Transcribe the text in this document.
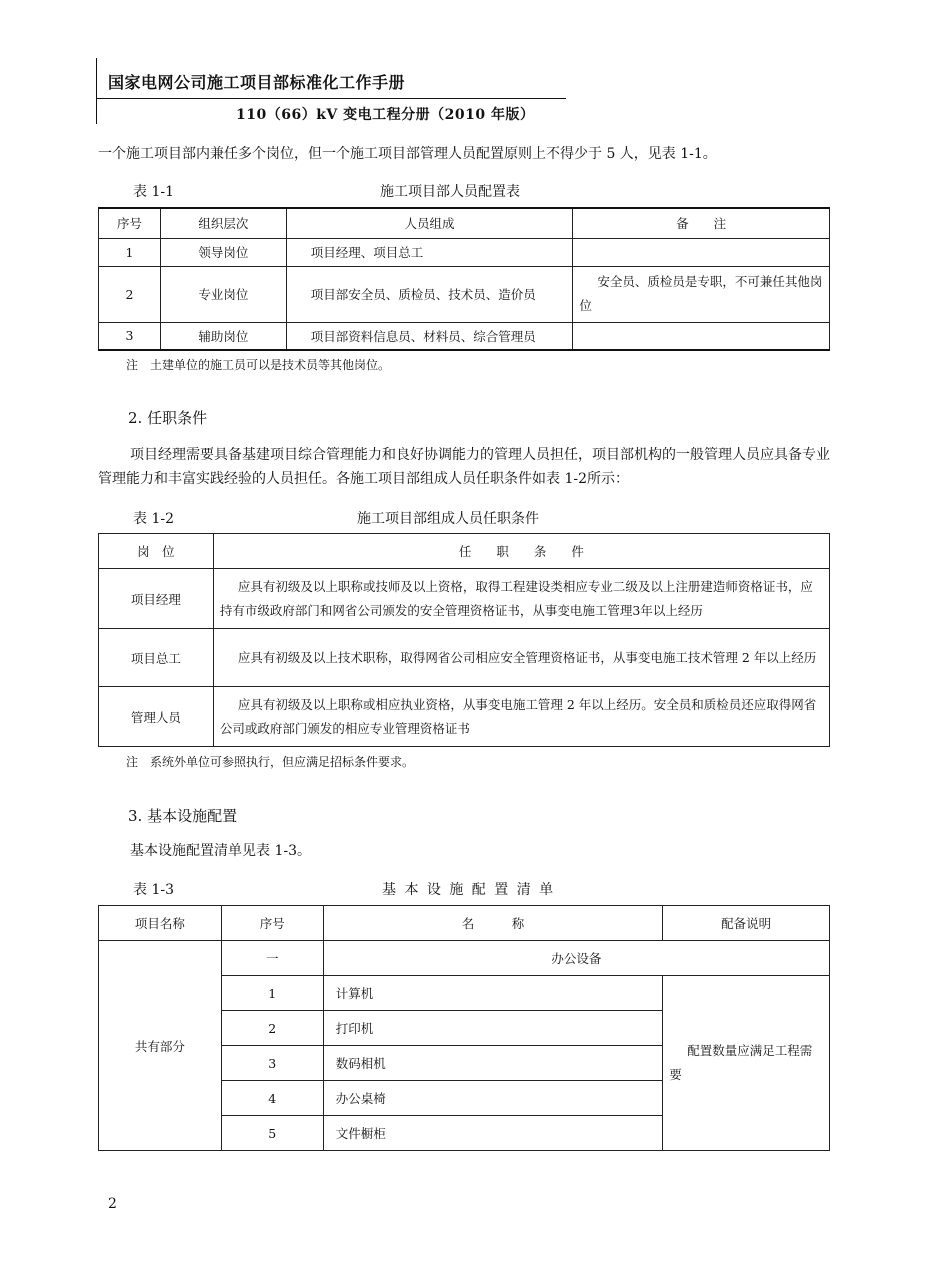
国家电网公司施工项目部标准化工作手册
110（66）kV 变电工程分册（2010 年版）
一个施工项目部内兼任多个岗位，但一个施工项目部管理人员配置原则上不得少于 5 人，见表 1-1。
表 1-1	施工项目部人员配置表
序号	组织层次	人员组成	备　　注
1	领导岗位	项目经理、项目总工	
2	专业岗位	项目部安全员、质检员、技术员、造价员	安全员、质检员是专职，不可兼任其他岗位
3	辅助岗位	项目部资料信息员、材料员、综合管理员	
注　土建单位的施工员可以是技术员等其他岗位。
2. 任职条件
项目经理需要具备基建项目综合管理能力和良好协调能力的管理人员担任，项目部机构的一般管理人员应具备专业管理能力和丰富实践经验的人员担任。各施工项目部组成人员任职条件如表 1-2所示：
表 1-2	施工项目部组成人员任职条件
岗　位	任　　职　　条　　件
项目经理	应具有初级及以上职称或技师及以上资格，取得工程建设类相应专业二级及以上注册建造师资格证书，应持有市级政府部门和网省公司颁发的安全管理资格证书，从事变电施工管理3年以上经历
项目总工	应具有初级及以上技术职称，取得网省公司相应安全管理资格证书，从事变电施工技术管理 2 年以上经历
管理人员	应具有初级及以上职称或相应执业资格，从事变电施工管理 2 年以上经历。安全员和质检员还应取得网省公司或政府部门颁发的相应专业管理资格证书
注　系统外单位可参照执行，但应满足招标条件要求。
3. 基本设施配置
基本设施配置清单见表 1-3。
表 1-3	基 本 设 施 配 置 清 单
项目名称	序号	名　　　称	配备说明
共有部分	一	办公设备	
	1	计算机	配置数量应满足工程需要
	2	打印机	
	3	数码相机	
	4	办公桌椅	
	5	文件橱柜	
2
